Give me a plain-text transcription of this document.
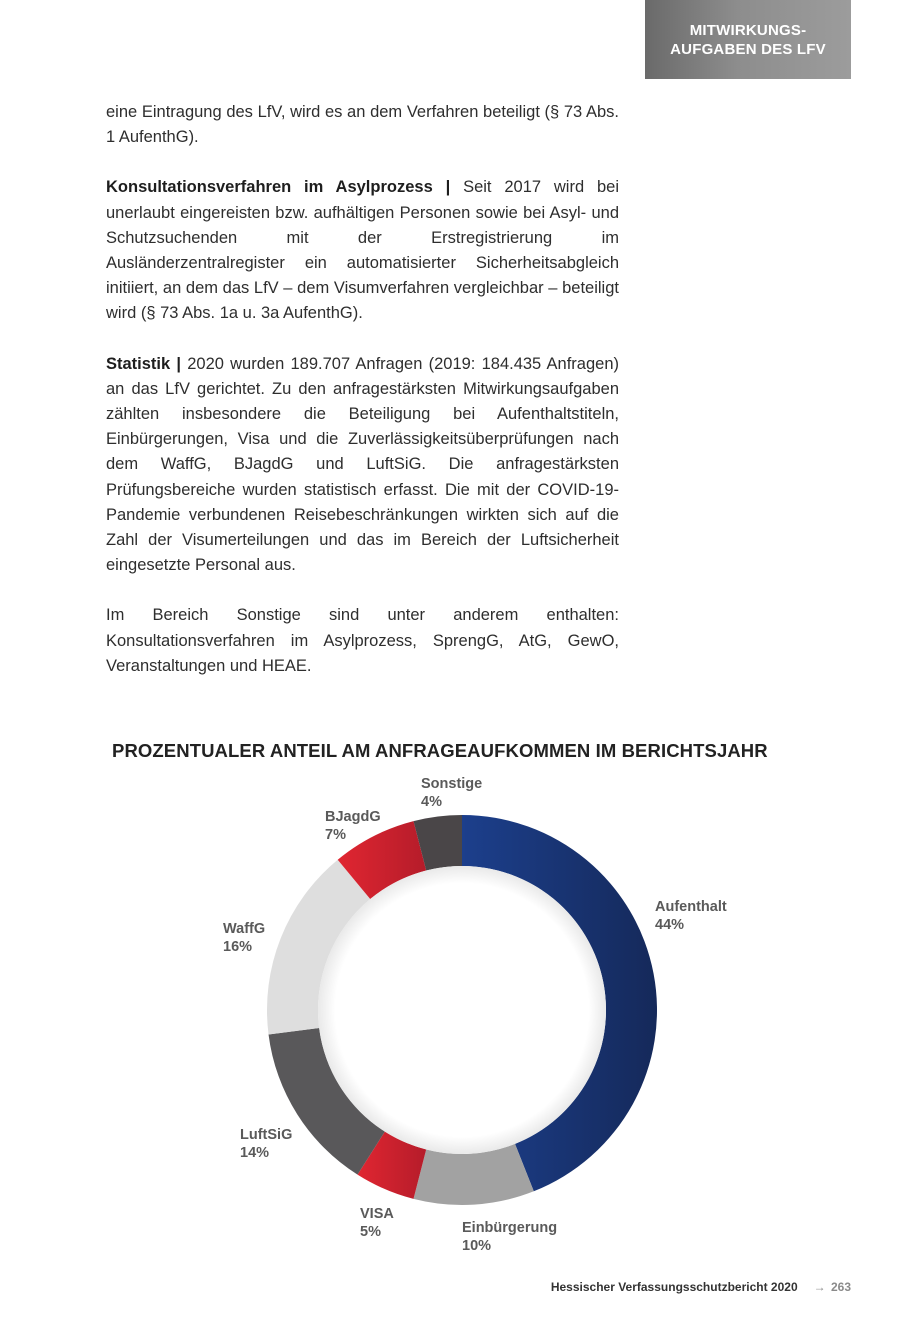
MITWIRKUNGS-
AUFGABEN DES LFV

eine Eintragung des LfV, wird es an dem Verfahren beteiligt (§ 73 Abs. 1 AufenthG).

Konsultationsverfahren im Asylprozess | Seit 2017 wird bei unerlaubt eingereisten bzw. aufhältigen Personen sowie bei Asyl- und Schutzsuchenden mit der Erstregistrierung im Ausländerzentralregister ein automatisierter Sicherheitsabgleich initiiert, an dem das LfV – dem Visumverfahren vergleichbar – beteiligt wird (§ 73 Abs. 1a u. 3a AufenthG).

Statistik | 2020 wurden 189.707 Anfragen (2019: 184.435 Anfragen) an das LfV gerichtet. Zu den anfragestärksten Mitwirkungsaufgaben zählten insbesondere die Beteiligung bei Aufenthaltstiteln, Einbürgerungen, Visa und die Zuverlässigkeitsüberprüfungen nach dem WaffG, BJagdG und LuftSiG. Die anfragestärksten Prüfungsbereiche wurden statistisch erfasst. Die mit der COVID-19-Pandemie verbundenen Reisebeschränkungen wirkten sich auf die Zahl der Visumerteilungen und das im Bereich der Luftsicherheit eingesetzte Personal aus.

Im Bereich Sonstige sind unter anderem enthalten: Konsultationsverfahren im Asylprozess, SprengG, AtG, GewO, Veranstaltungen und HEAE.

PROZENTUALER ANTEIL AM ANFRAGEAUFKOMMEN IM BERICHTSJAHR
Aufenthalt
44%
Einbürgerung
10%
VISA
5%
LuftSiG
14%
WaffG
16%
BJagdG
7%
Sonstige
4%
Hessischer Verfassungsschutzbericht 2020 → 263
